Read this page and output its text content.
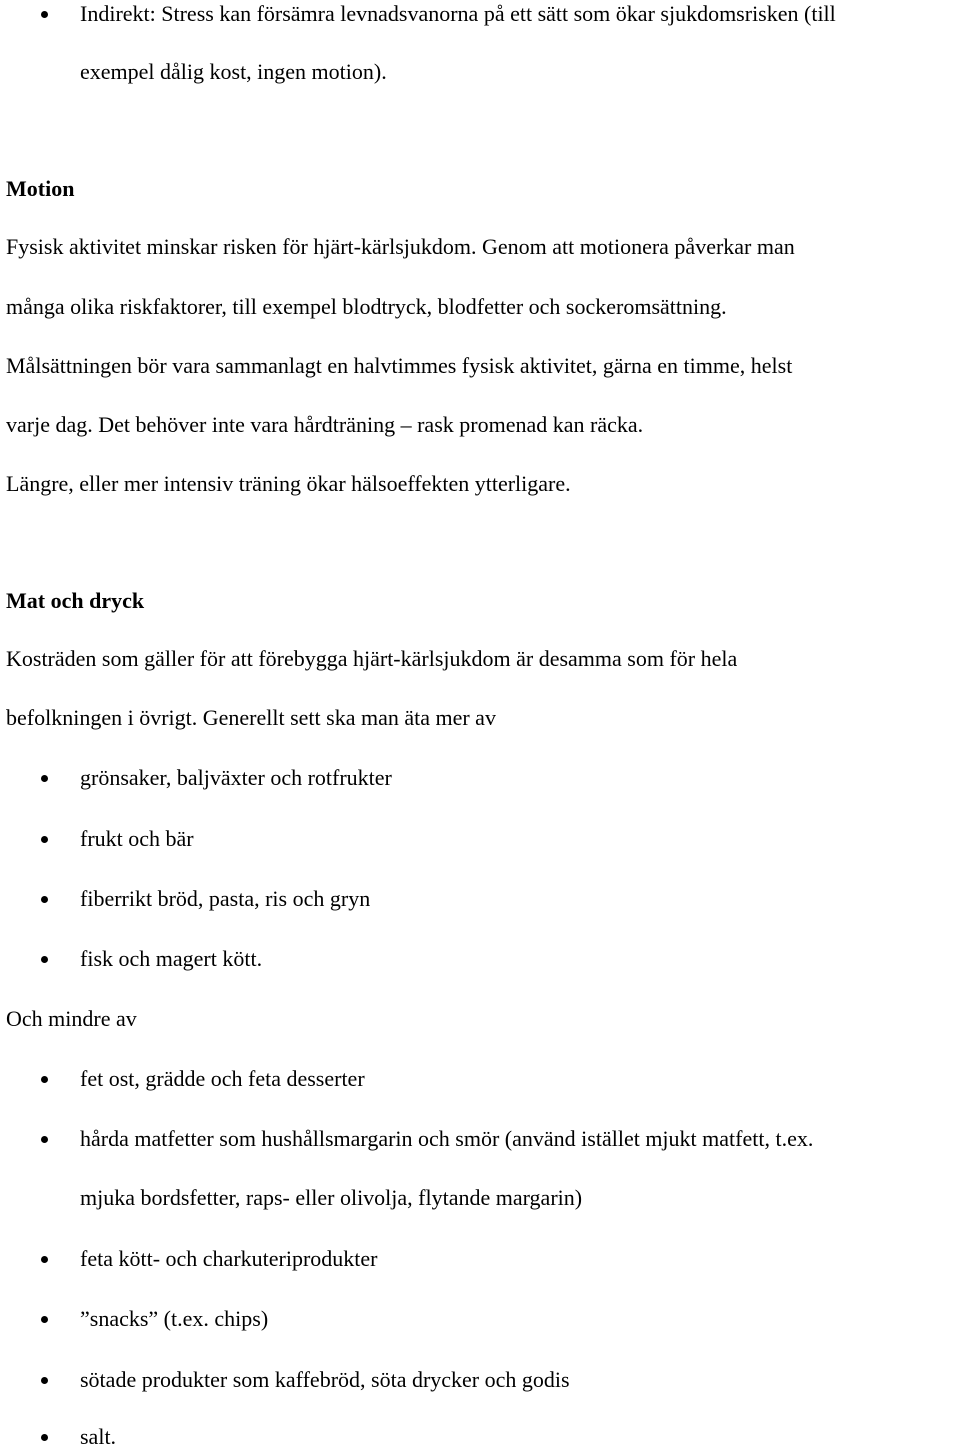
Indirekt: Stress kan försämra levnadsvanorna på ett sätt som ökar sjukdomsrisken (till
exempel dålig kost, ingen motion).
Motion
Fysisk aktivitet minskar risken för hjärt-kärlsjukdom. Genom att motionera påverkar man
många olika riskfaktorer, till exempel blodtryck, blodfetter och sockeromsättning.
Målsättningen bör vara sammanlagt en halvtimmes fysisk aktivitet, gärna en timme, helst
varje dag. Det behöver inte vara hårdträning – rask promenad kan räcka.
Längre, eller mer intensiv träning ökar hälsoeffekten ytterligare.
Mat och dryck
Kosträden som gäller för att förebygga hjärt-kärlsjukdom är desamma som för hela
befolkningen i övrigt. Generellt sett ska man äta mer av
grönsaker, baljväxter och rotfrukter
frukt och bär
fiberrikt bröd, pasta, ris och gryn
fisk och magert kött.
Och mindre av
fet ost, grädde och feta desserter
hårda matfetter som hushållsmargarin och smör (använd istället mjukt matfett, t.ex.
mjuka bordsfetter, raps- eller olivolja, flytande margarin)
feta kött- och charkuteriprodukter
”snacks” (t.ex. chips)
sötade produkter som kaffebröd, söta drycker och godis
salt.
